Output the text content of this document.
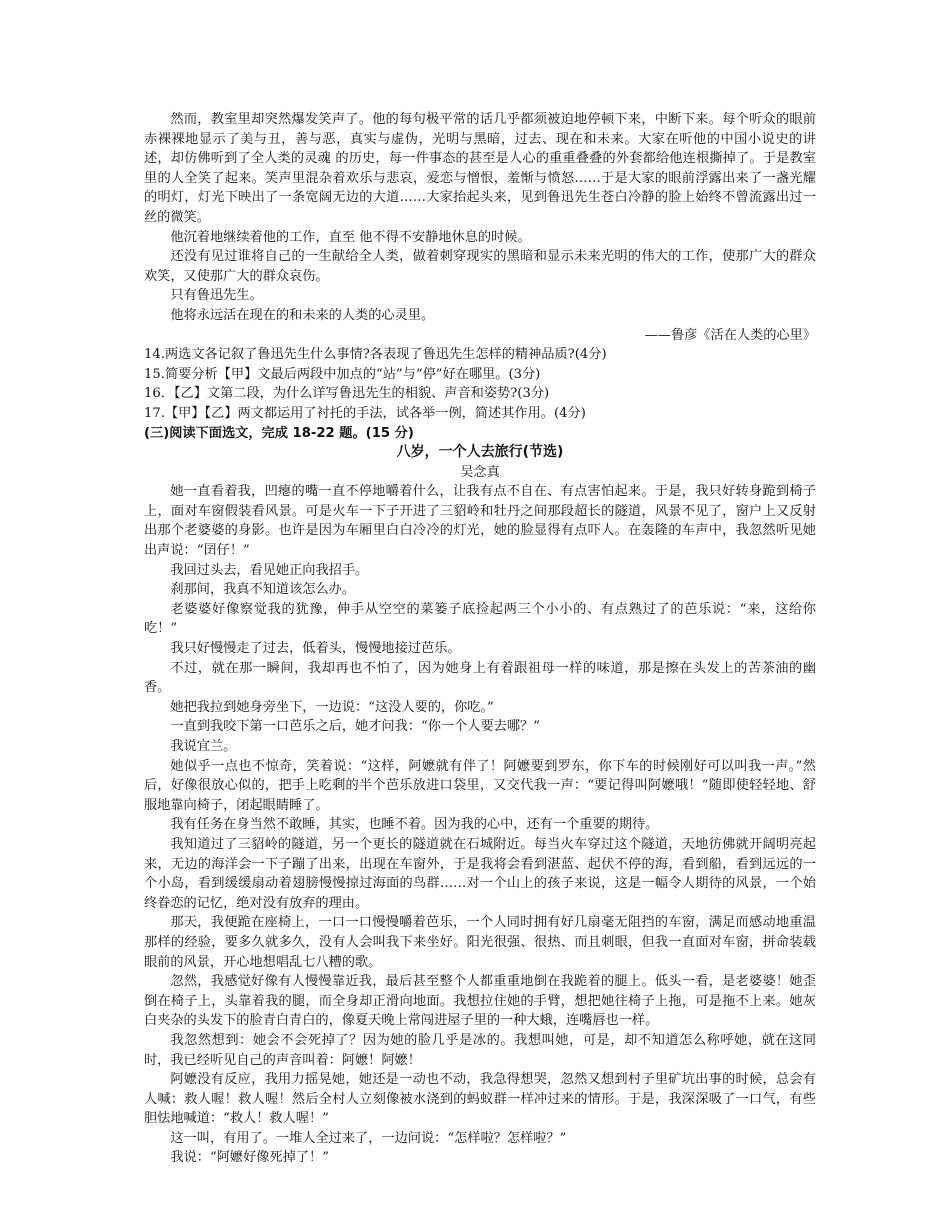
然而，教室里却突然爆发笑声了。他的每句极平常的话几乎都须被迫地停顿下来，中断下来。每个听众的眼前赤裸裸地显示了美与丑，善与恶，真实与虚伪，光明与黑暗，过去、现在和未来。大家在听他的中国小说史的讲述，却仿佛听到了全人类的灵魂 的历史，每一件事态的甚至是人心的重重叠叠的外套都给他连根撕掉了。于是教室里的人全笑了起来。笑声里混杂着欢乐与悲哀，爱恋与憎恨，羞惭与愤怒……于是大家的眼前浮露出来了一盏光耀的明灯，灯光下映出了一条宽阔无边的大道……大家抬起头来，见到鲁迅先生苍白冷静的脸上始终不曾流露出过一丝的微笑。

他沉着地继续着他的工作，直至 他不得不安静地休息的时候。

还没有见过谁将自己的一生献给全人类，做着刺穿现实的黑暗和显示未来光明的伟大的工作，使那广大的群众欢笑，又使那广大的群众哀伤。

只有鲁迅先生。

他将永远活在现在的和未来的人类的心灵里。

——鲁彦《活在人类的心里》

14.两选文各记叙了鲁迅先生什么事情?各表现了鲁迅先生怎样的精神品质?(4分)

15.简要分析【甲】文最后两段中加点的“站”与“停”好在哪里。(3分)

16．【乙】文第二段，为什么详写鲁迅先生的相貌、声音和姿势?(3分)

17.【甲】【乙】两文都运用了衬托的手法，试各举一例，简述其作用。(4分)

(三)阅读下面选文，完成 18-22 题。(15 分)

八岁，一个人去旅行(节选)

吴念真

她一直看着我，凹瘪的嘴一直不停地嚼着什么，让我有点不自在、有点害怕起来。于是，我只好转身跪到椅子上，面对车窗假装看风景。可是火车一下子开进了三貂岭和牡丹之间那段超长的隧道，风景不见了，窗户上又反射出那个老婆婆的身影。也许是因为车厢里白白冷冷的灯光，她的脸显得有点吓人。在轰隆的车声中，我忽然听见她出声说：“囝仔！”

我回过头去，看见她正向我招手。

刹那间，我真不知道该怎么办。

老婆婆好像察觉我的犹豫，伸手从空空的菜篓子底捡起两三个小小的、有点熟过了的芭乐说：“来，这给你吃！”

我只好慢慢走了过去，低着头，慢慢地接过芭乐。

不过，就在那一瞬间，我却再也不怕了，因为她身上有着跟祖母一样的味道，那是擦在头发上的苦茶油的幽香。

她把我拉到她身旁坐下，一边说：“这没人要的，你吃。”

一直到我咬下第一口芭乐之后，她才问我：“你一个人要去哪？”

我说宜兰。

她似乎一点也不惊奇，笑着说：“这样，阿嬷就有伴了！阿嬷要到罗东，你下车的时候刚好可以叫我一声。”然后，好像很放心似的，把手上吃剩的半个芭乐放进口袋里，又交代我一声：“要记得叫阿嬷哦！”随即使轻轻地、舒服地靠向椅子，闭起眼睛睡了。

我有任务在身当然不敢睡，其实，也睡不着。因为我的心中，还有一个重要的期待。

我知道过了三貂岭的隧道，另一个更长的隧道就在石城附近。每当火车穿过这个隧道，天地彷佛就开阔明亮起来，无边的海洋会一下子蹦了出来，出现在车窗外，于是我将会看到湛蓝、起伏不停的海，看到船，看到远远的一个小岛，看到缓缓扇动着翅膀慢慢掠过海面的鸟群……对一个山上的孩子来说，这是一幅令人期待的风景，一个始终眷恋的记忆，绝对没有放弃的理由。

那天，我便跪在座椅上，一口一口慢慢嚼着芭乐，一个人同时拥有好几扇毫无阻挡的车窗，满足而感动地重温那样的经验，要多久就多久，没有人会叫我下来坐好。阳光很强、很热、而且刺眼，但我一直面对车窗，拼命装载眼前的风景，开心地想唱乱七八糟的歌。

忽然，我感觉好像有人慢慢靠近我，最后甚至整个人都重重地倒在我跪着的腿上。低头一看，是老婆婆！她歪倒在椅子上，头靠着我的腿，而全身却正滑向地面。我想拉住她的手臂，想把她往椅子上拖，可是拖不上来。她灰白夹杂的头发下的脸青白青白的，像夏天晚上常闯进屋子里的一种大蛾，连嘴唇也一样。

我忽然想到：她会不会死掉了？因为她的脸几乎是冰的。我想叫她，可是，却不知道怎么称呼她，就在这同时，我已经听见自己的声音叫着：阿嬷！阿嬷！

阿嬷没有反应，我用力摇晃她，她还是一动也不动，我急得想哭，忽然又想到村子里矿坑出事的时候，总会有人喊：救人喔！救人喔！然后全村人立刻像被水浇到的蚂蚁群一样冲过来的情形。于是，我深深吸了一口气，有些胆怯地喊道：“救人！救人喔！”

这一叫，有用了。一堆人全过来了，一边问说：“怎样啦？怎样啦？”

我说：“阿嬷好像死掉了！”
